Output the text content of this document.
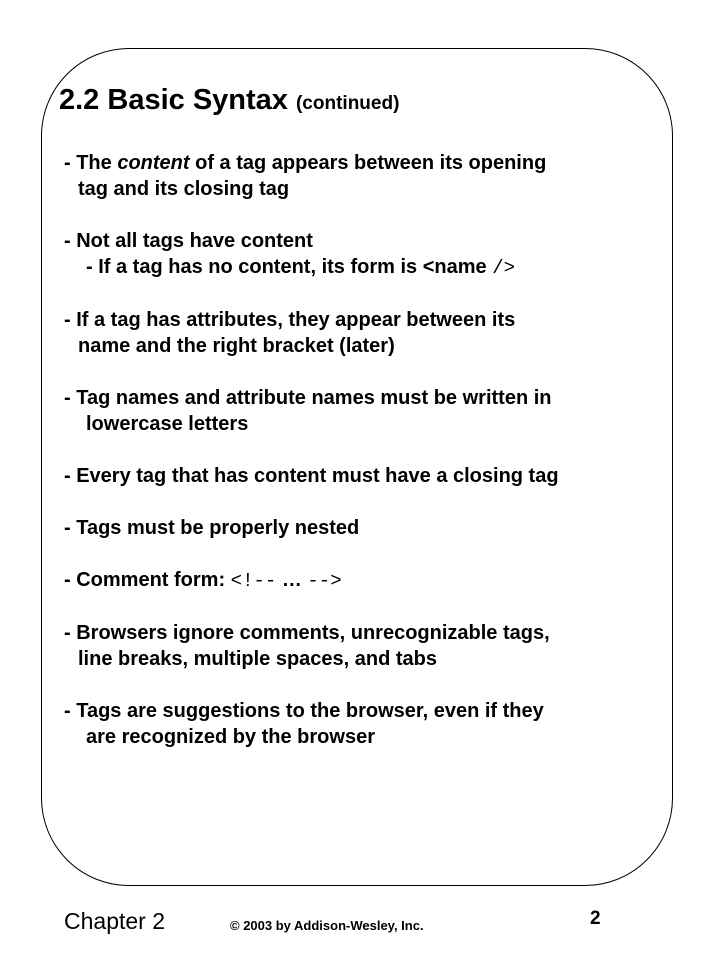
2.2 Basic Syntax (continued)
- The content of a tag appears between its opening
tag and its closing tag
- Not all tags have content
- If a tag has no content, its form is <name />
- If a tag has attributes, they appear between its
name and the right bracket (later)
- Tag names and attribute names must be written in
lowercase letters
- Every tag that has content must have a closing tag
- Tags must be properly nested
- Comment form: <!-- … -->
- Browsers ignore comments, unrecognizable tags,
line breaks, multiple spaces, and tabs
- Tags are suggestions to the browser, even if they
are recognized by the browser
Chapter 2	© 2003 by Addison-Wesley, Inc.	2
